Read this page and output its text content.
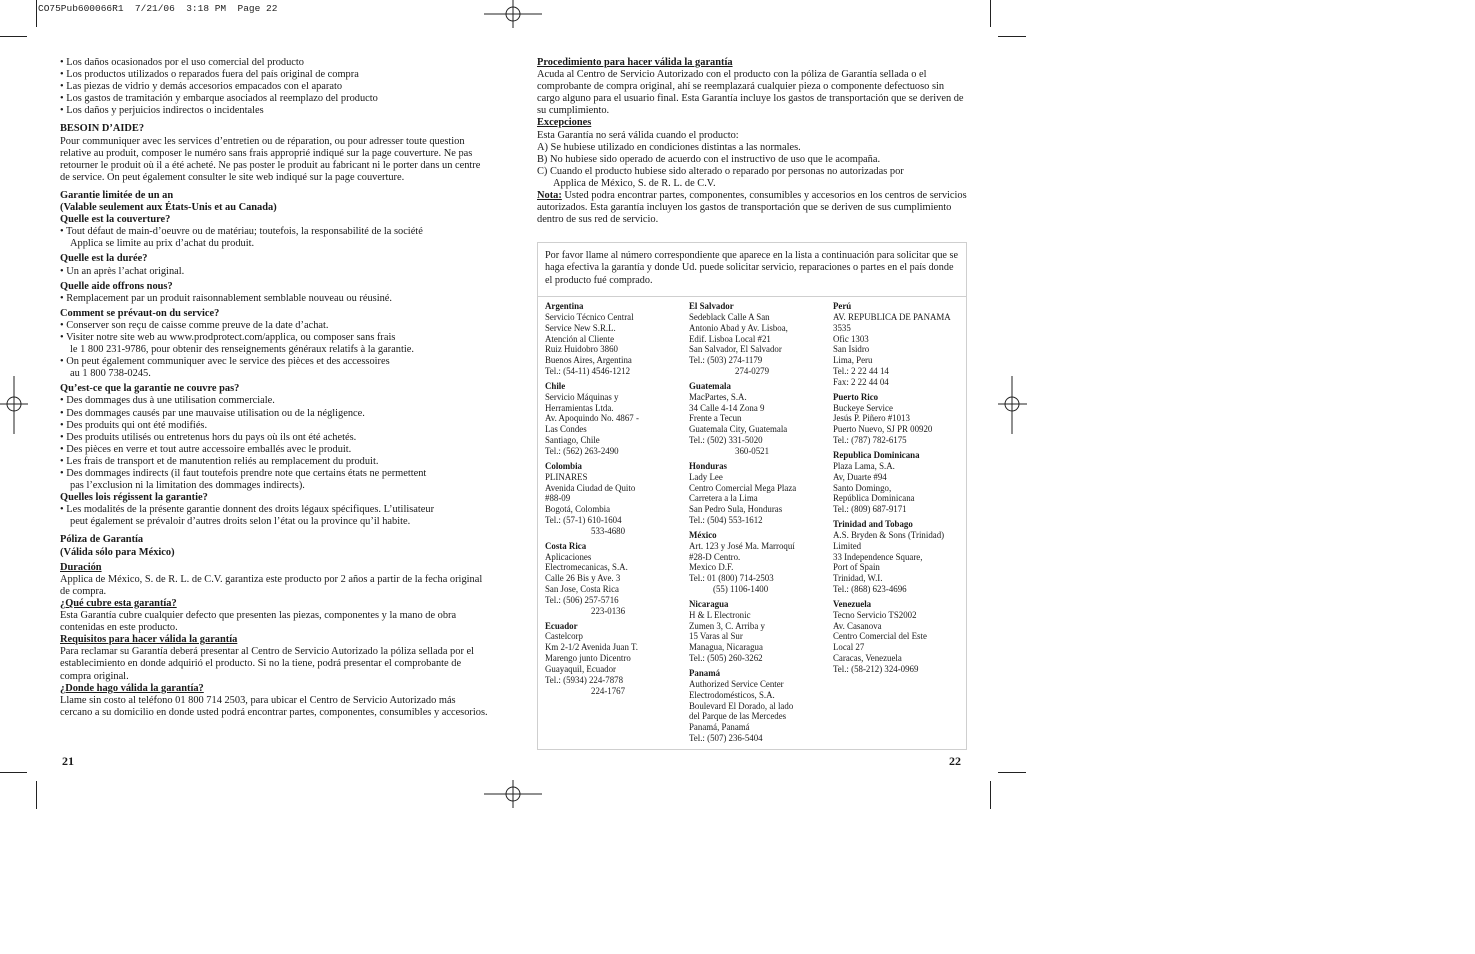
CO75Pub600066R1  7/21/06  3:18 PM  Page 22

• Los daños ocasionados por el uso comercial del producto

• Los productos utilizados o reparados fuera del país original de compra

• Las piezas de vidrio y demás accesorios empacados con el aparato

• Los gastos de tramitación y embarque asociados al reemplazo del producto

• Los daños y perjuicios indirectos o incidentales

BESOIN D’AIDE?

Pour communiquer avec les services d’entretien ou de réparation, ou pour adresser toute question relative au produit, composer le numéro sans frais approprié indiqué sur la page couverture. Ne pas retourner le produit où il a été acheté. Ne pas poster le produit au fabricant ni le porter dans un centre de service. On peut également consulter le site web indiqué sur la page couverture.

Garantie limitée de un an

(Valable seulement aux États-Unis et au Canada)

Quelle est la couverture?

• Tout défaut de main-d’oeuvre ou de matériau; toutefois, la responsabilité de la société

Applica se limite au prix d’achat du produit.

Quelle est la durée?

• Un an après l’achat original.

Quelle aide offrons nous?

• Remplacement par un produit raisonnablement semblable nouveau ou réusiné.

Comment se prévaut-on du service?

• Conserver son reçu de caisse comme preuve de la date d’achat.

• Visiter notre site web au www.prodprotect.com/applica, ou composer sans frais

le 1 800 231-9786, pour obtenir des renseignements généraux relatifs à la garantie.

• On peut également communiquer avec le service des pièces et des accessoires

au 1 800 738-0245.

Qu’est-ce que la garantie ne couvre pas?

• Des dommages dus à une utilisation commerciale.

• Des dommages causés par une mauvaise utilisation ou de la négligence.

• Des produits qui ont été modifiés.

• Des produits utilisés ou entretenus hors du pays où ils ont été achetés.

• Des pièces en verre et tout autre accessoire emballés avec le produit.

• Les frais de transport et de manutention reliés au remplacement du produit.

• Des dommages indirects (il faut toutefois prendre note que certains états ne permettent

pas l’exclusion ni la limitation des dommages indirects).

Quelles lois régissent la garantie?

• Les modalités de la présente garantie donnent des droits légaux spécifiques. L’utilisateur

peut également se prévaloir d’autres droits selon l’état ou la province qu’il habite.

Póliza de Garantía

(Válida sólo para México)

Duración

Applica de México, S. de R. L. de C.V. garantiza este producto por 2 años a partir de la fecha original de compra.

¿Qué cubre esta garantía?

Esta Garantía cubre cualquier defecto que presenten las piezas, componentes y la mano de obra contenidas en este producto.

Requisitos para hacer válida la garantía

Para reclamar su Garantía deberá presentar al Centro de Servicio Autorizado la póliza sellada por el establecimiento en donde adquirió el producto. Si no la tiene, podrá presentar el comprobante de compra original.

¿Donde hago válida la garantía?

Llame sin costo al teléfono 01 800 714 2503, para ubicar el Centro de Servicio Autorizado más cercano a su domicilio en donde usted podrá encontrar partes, componentes, consumibles y accesorios.

21

Procedimiento para hacer válida la garantía

Acuda al Centro de Servicio Autorizado con el producto con la póliza de Garantía sellada o el comprobante de compra original, ahí se reemplazará cualquier pieza o componente defectuoso sin cargo alguno para el usuario final. Esta Garantía incluye los gastos de transportación que se deriven de su cumplimiento.

Excepciones

Esta Garantía no será válida cuando el producto:

A) Se hubiese utilizado en condiciones distintas a las normales.

B) No hubiese sido operado de acuerdo con el instructivo de uso que le acompaña.

C) Cuando el producto hubiese sido alterado o reparado por personas no autorizadas por

Applica de México, S. de R. L. de C.V.

Nota: Usted podra encontrar partes, componentes, consumibles y accesorios en los centros de servicios autorizados. Esta garantía incluyen los gastos de transportación que se deriven de sus cumplimiento dentro de sus red de servicio.

Por favor llame al número correspondiente que aparece en la lista a continuación para solicitar que se haga efectiva la garantía y donde Ud. puede solicitar servicio, reparaciones o partes en el país donde el producto fué comprado.
Argentina
Servicio Técnico Central
Service New S.R.L.
Atención al Cliente
Ruiz Huidobro 3860
Buenos Aires, Argentina
Tel.: (54-11) 4546-1212
Chile
Servicio Máquinas y
Herramientas Ltda.
Av. Apoquindo No. 4867 -
Las Condes
Santiago, Chile
Tel.: (562) 263-2490
Colombia
PLINARES
Avenida Ciudad de Quito
#88-09
Bogotá, Colombia
Tel.: (57-1) 610-1604
533-4680
Costa Rica
Aplicaciones
Electromecanicas, S.A.
Calle 26 Bis y Ave. 3
San Jose, Costa Rica
Tel.: (506) 257-5716
223-0136
Ecuador
Castelcorp
Km 2-1/2 Avenida Juan T.
Marengo junto Dicentro
Guayaquil, Ecuador
Tel.: (5934) 224-7878
224-1767
El Salvador
Sedeblack Calle A San
Antonio Abad y Av. Lisboa,
Edif. Lisboa Local #21
San Salvador, El Salvador
Tel.: (503) 274-1179
274-0279
Guatemala
MacPartes, S.A.
34 Calle 4-14 Zona 9
Frente a Tecun
Guatemala City, Guatemala
Tel.: (502) 331-5020
360-0521
Honduras
Lady Lee
Centro Comercial Mega Plaza
Carretera a la Lima
San Pedro Sula, Honduras
Tel.: (504) 553-1612
México
Art. 123 y José Ma. Marroquí
#28-D Centro.
Mexico D.F.
Tel.: 01 (800) 714-2503
(55) 1106-1400
Nicaragua
H & L Electronic
Zumen 3, C. Arriba y
15 Varas al Sur
Managua, Nicaragua
Tel.: (505) 260-3262
Panamá
Authorized Service Center
Electrodomésticos, S.A.
Boulevard El Dorado, al lado
del Parque de las Mercedes
Panamá, Panamá
Tel.: (507) 236-5404
Perú
AV. REPUBLICA DE PANAMA
3535
Ofic 1303
San Isidro
Lima, Peru
Tel.: 2 22 44 14
Fax: 2 22 44 04
Puerto Rico
Buckeye Service
Jesús P. Piñero #1013
Puerto Nuevo, SJ PR 00920
Tel.: (787) 782-6175
Republica Dominicana
Plaza Lama, S.A.
Av, Duarte #94
Santo Domingo,
República Dominicana
Tel.: (809) 687-9171
Trinidad and Tobago
A.S. Bryden & Sons (Trinidad)
Limited
33 Independence Square,
Port of Spain
Trinidad, W.I.
Tel.: (868) 623-4696
Venezuela
Tecno Servicio TS2002
Av. Casanova
Centro Comercial del Este
Local 27
Caracas, Venezuela
Tel.: (58-212) 324-0969
22
